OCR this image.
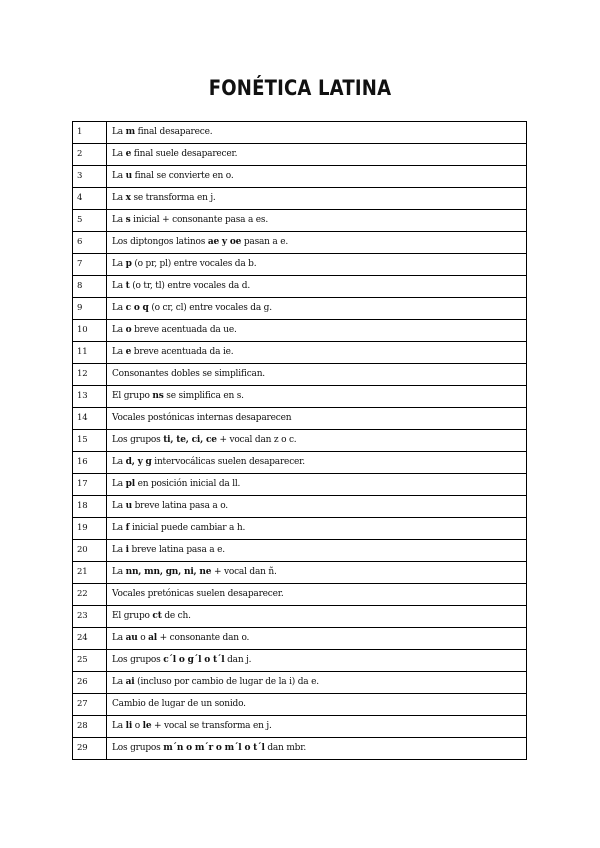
FONÉTICA LATINA
1	La m final desaparece.
2	La e final suele desaparecer.
3	La u final se convierte en o.
4	La x se transforma en j.
5	La s inicial + consonante pasa a es.
6	Los diptongos latinos ae y oe pasan a e.
7	La p (o pr, pl) entre vocales da b.
8	La t (o tr, tl) entre vocales da d.
9	La c o q (o cr, cl) entre vocales da g.
10	La o breve acentuada da ue.
11	La e breve acentuada da ie.
12	Consonantes dobles se simplifican.
13	El grupo ns se simplifica en s.
14	Vocales postónicas internas desaparecen
15	Los grupos ti, te, ci, ce + vocal dan z o c.
16	La d, y g intervocálicas suelen desaparecer.
17	La pl en posición inicial da ll.
18	La u breve latina pasa a o.
19	La f inicial puede cambiar a h.
20	La i breve latina pasa a e.
21	La nn, mn, gn, ni, ne + vocal dan ñ.
22	Vocales pretónicas suelen desaparecer.
23	El grupo ct de ch.
24	La au o al + consonante dan o.
25	Los grupos c´l o g´l o t´l dan j.
26	La ai (incluso por cambio de lugar de la i) da e.
27	Cambio de lugar de un sonido.
28	La li o le + vocal se transforma en j.
29	Los grupos m´n o m´r o m´l o t´l dan mbr.
